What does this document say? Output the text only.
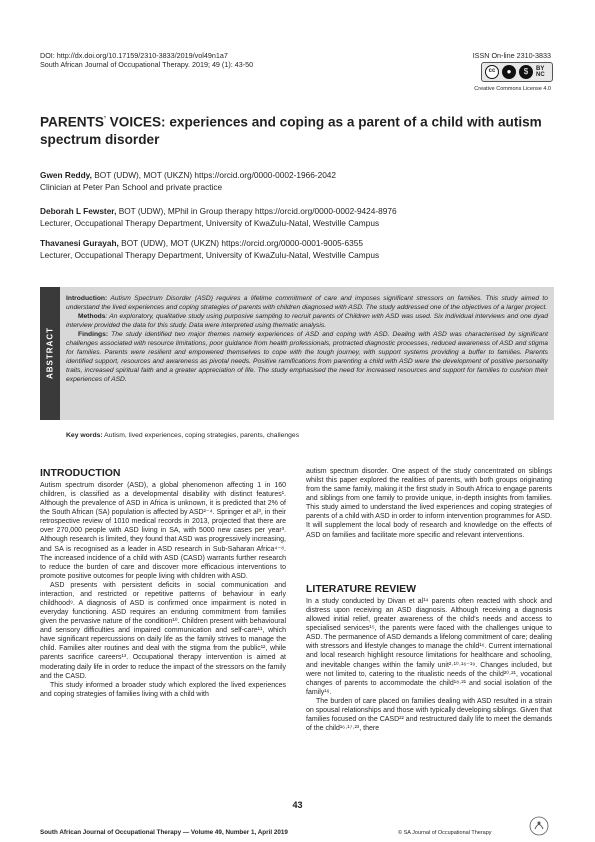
DOI: http://dx.doi.org/10.17159/2310-3833/2019/vol49n1a7
South African Journal of Occupational Therapy. 2019; 49 (1): 43-50
ISSN On-line 2310-3833
cc	●	$	BY NC
Creative Commons License 4.0
PARENTS’ VOICES: experiences and coping as a parent of a child with autism spectrum disorder
Gwen Reddy, BOT (UDW), MOT (UKZN) https://orcid.org/0000-0002-1966-2042
Clinician at Peter Pan School and private practice
Deborah L Fewster, BOT (UDW), MPhil in Group therapy https://orcid.org/0000-0002-9424-8976
Lecturer, Occupational Therapy Department, University of KwaZulu-Natal, Westville Campus
Thavanesi Gurayah, BOT (UDW), MOT (UKZN) https://orcid.org/0000-0001-9005-6355
Lecturer, Occupational Therapy Department, University of KwaZulu-Natal, Westville Campus
ABSTRACT

Introduction: Autism Spectrum Disorder (ASD) requires a lifetime commitment of care and imposes significant stressors on families. This study aimed to understand the lived experiences and coping strategies of parents with children diagnosed with ASD. The study addressed one of the objectives of a larger project.

Methods: An exploratory, qualitative study using purposive sampling to recruit parents of Children with ASD was used. Six individual interviews and one dyad interview provided the data for this study. Data were interpreted using thematic analysis.

Findings: The study identified two major themes namely experiences of ASD and coping with ASD. Dealing with ASD was characterised by significant challenges associated with resource limitations, poor guidance from health professionals, protracted diagnostic processes, reduced awareness of ASD and stigma for families. Parents were resilient and empowered themselves to cope with the tough journey, with support systems providing a buffer to families. Parents identified support, resources and awareness as pivotal needs. Positive ramifications from parenting a child with ASD were the development of positive personality traits, increased spiritual faith and a greater appreciation of life. The study emphasised the need for increased resources and support for families to cushion their experiences of ASD.

Key words: Autism, lived experiences, coping strategies, parents, challenges
INTRODUCTION

Autism spectrum disorder (ASD), a global phenomenon affecting 1 in 160 children, is classified as a developmental disability with distinct features¹. Although the prevalence of ASD in Africa is unknown, it is predicted that 2% of the South African (SA) population is affected by ASD²⁻⁴. Springer et al³, in their retrospective review of 1010 medical records in 2013, projected that there are over 270,000 people with ASD living in SA, with 5000 new cases per year³. Although research is limited, they found that ASD was progressively increasing, and SA is recognised as a leader in ASD research in Sub-Saharan Africa⁴⁻⁸. The increased incidence of a child with ASD (CASD) warrants further research to reduce the burden of care and discover more efficacious interventions to promote positive outcomes for people living with children with ASD.

ASD presents with persistent deficits in social communication and interaction, and restricted or repetitive patterns of behaviour in early childhood⁹. A diagnosis of ASD is confirmed once impairment is noted in everyday functioning. ASD requires an enduring commitment from families given the pervasive nature of the condition¹⁰. Children present with behavioural and sensory difficulties and impaired communication and self-care¹¹, which have significant repercussions on daily life as the family strives to manage the child. Families alter routines and deal with the stigma from the public¹², while parents sacrifice careers¹³. Occupational therapy intervention is aimed at moderating daily life in order to reduce the impact of the stressors on the family and the CASD.

This study informed a broader study which explored the lived experiences and coping strategies of families living with a child with

autism spectrum disorder. One aspect of the study concentrated on siblings whilst this paper explored the realities of parents, with both groups originating from the same family, making it the first study in South Africa to engage parents and siblings from one family to provide unique, in-depth insights from families. This study aimed to understand the lived experiences and coping strategies of parents of a child with ASD in order to inform intervention programmes for ASD. It will supplement the local body of research and knowledge on the effects of ASD on families and facilitate more specific and relevant interventions.

LITERATURE REVIEW

In a study conducted by Divan et al¹⁴ parents often reacted with shock and distress upon receiving an ASD diagnosis. Although receiving a diagnosis allowed initial relief, greater awareness of the child's needs and access to specialised services¹⁵, the parents were faced with the challenges unique to ASD. The permanence of ASD demands a lifelong commitment of care; dealing with stressors and lifestyle changes to manage the child¹⁶. Current international and local research highlight resource limitations for healthcare and schooling, and inevitable changes within the family unit²·¹⁰·¹⁶⁻¹⁹. Changes included, but were not limited to, catering to the ritualistic needs of the child²⁰·²¹, vocational changes of parents to accommodate the child¹⁸·²¹ and social isolation of the family¹⁶.

The burden of care placed on families dealing with ASD resulted in a strain on spousal relationships and those with typically developing siblings. Given that families focused on the CASD²² and restructured daily life to meet the demands of the child¹⁶·¹⁷·²³, there

43
South African Journal of Occupational Therapy — Volume 49, Number 1, April 2019	© SA Journal of Occupational Therapy
